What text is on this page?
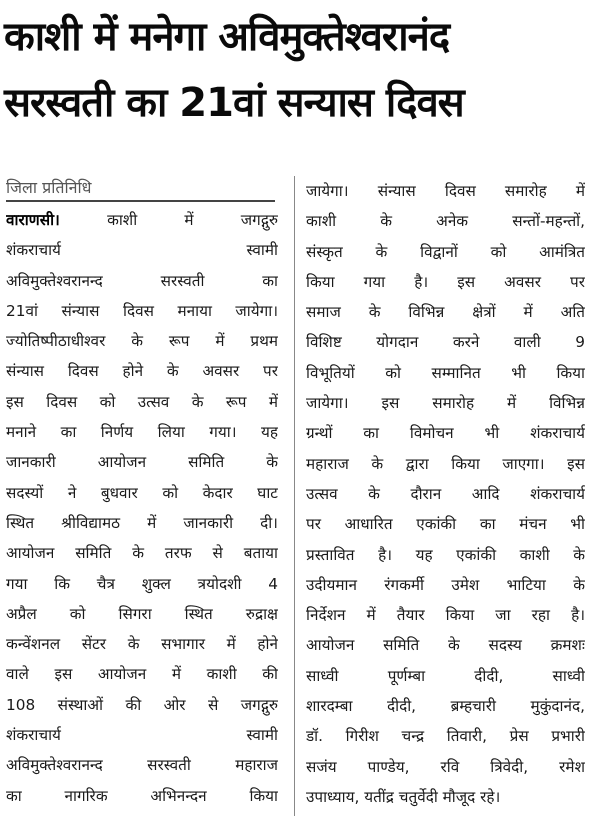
काशी में मनेगा अविमुक्तेश्वरानंद
सरस्वती का 21वां सन्यास दिवस
जिला प्रतिनिधि
वाराणसी। काशी में जगद्गुरु
शंकराचार्य स्वामी
अविमुक्तेश्वरानन्द सरस्वती का
21वां संन्यास दिवस मनाया जायेगा।
ज्योतिष्पीठाधीश्वर के रूप में प्रथम
संन्यास दिवस होने के अवसर पर
इस दिवस को उत्सव के रूप में
मनाने का निर्णय लिया गया। यह
जानकारी आयोजन समिति के
सदस्यों ने बुधवार को केदार घाट
स्थित श्रीविद्यामठ में जानकारी दी।
आयोजन समिति के तरफ से बताया
गया कि चैत्र शुक्ल त्रयोदशी 4
अप्रैल को सिगरा स्थित रुद्राक्ष
कन्वेंशनल सेंटर के सभागार में होने
वाले इस आयोजन में काशी की
108 संस्थाओं की ओर से जगद्गुरु
शंकराचार्य स्वामी
अविमुक्तेश्वरानन्द सरस्वती महाराज
का नागरिक अभिनन्दन किया
जायेगा। संन्यास दिवस समारोह में
काशी के अनेक सन्तों-महन्तों,
संस्कृत के विद्वानों को आमंत्रित
किया गया है। इस अवसर पर
समाज के विभिन्न क्षेत्रों में अति
विशिष्ट योगदान करने वाली 9
विभूतियों को सम्मानित भी किया
जायेगा। इस समारोह में विभिन्न
ग्रन्थों का विमोचन भी शंकराचार्य
महाराज के द्वारा किया जाएगा। इस
उत्सव के दौरान आदि शंकराचार्य
पर आधारित एकांकी का मंचन भी
प्रस्तावित है। यह एकांकी काशी के
उदीयमान रंगकर्मी उमेश भाटिया के
निर्देशन में तैयार किया जा रहा है।
आयोजन समिति के सदस्य क्रमशः
साध्वी पूर्णम्बा दीदी, साध्वी
शारदम्बा दीदी, ब्रम्हचारी मुकुंदानंद,
डॉ. गिरीश चन्द्र तिवारी, प्रेस प्रभारी
सजंय पाण्डेय, रवि त्रिवेदी, रमेश
उपाध्याय, यतींद्र चतुर्वेदी मौजूद रहे।
